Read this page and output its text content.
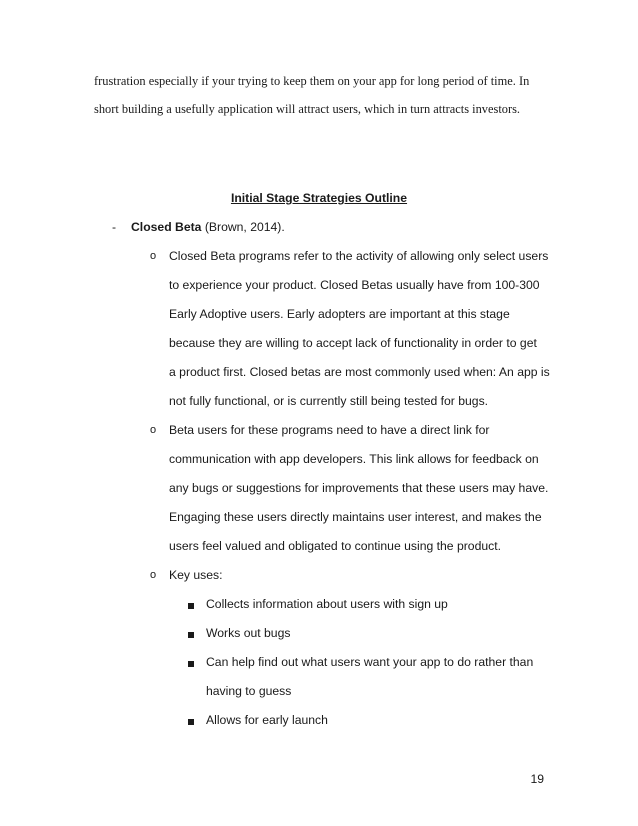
frustration especially if your trying to keep them on your app for long period of time. In
short building a usefully application will attract users, which in turn attracts investors.
Initial Stage Strategies Outline
- Closed Beta (Brown, 2014).
o Closed Beta programs refer to the activity of allowing only select users
to experience your product. Closed Betas usually have from 100-300
Early Adoptive users. Early adopters are important at this stage
because they are willing to accept lack of functionality in order to get
a product first. Closed betas are most commonly used when: An app is
not fully functional, or is currently still being tested for bugs.
o Beta users for these programs need to have a direct link for
communication with app developers. This link allows for feedback on
any bugs or suggestions for improvements that these users may have.
Engaging these users directly maintains user interest, and makes the
users feel valued and obligated to continue using the product.
o Key uses:
Collects information about users with sign up
Works out bugs
Can help find out what users want your app to do rather than
having to guess
Allows for early launch
19
